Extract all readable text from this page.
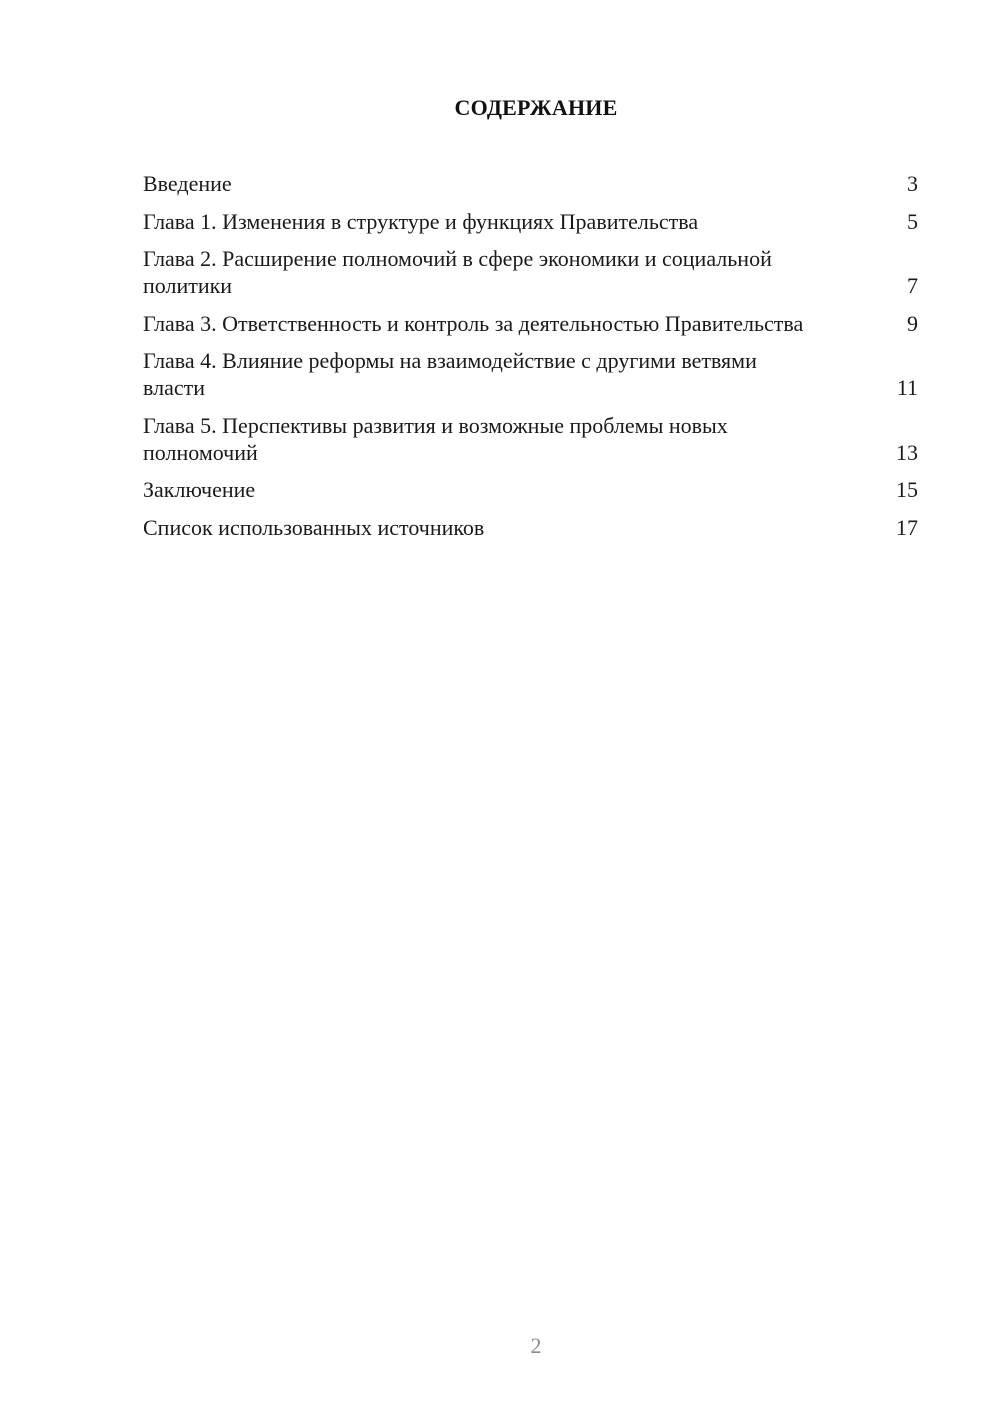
СОДЕРЖАНИЕ
Введение	3
Глава 1. Изменения в структуре и функциях Правительства	5
Глава 2. Расширение полномочий в сфере экономики и социальной политики	7
Глава 3. Ответственность и контроль за деятельностью Правительства	9
Глава 4. Влияние реформы на взаимодействие с другими ветвями власти	11
Глава 5. Перспективы развития и возможные проблемы новых полномочий	13
Заключение	15
Список использованных источников	17
2
